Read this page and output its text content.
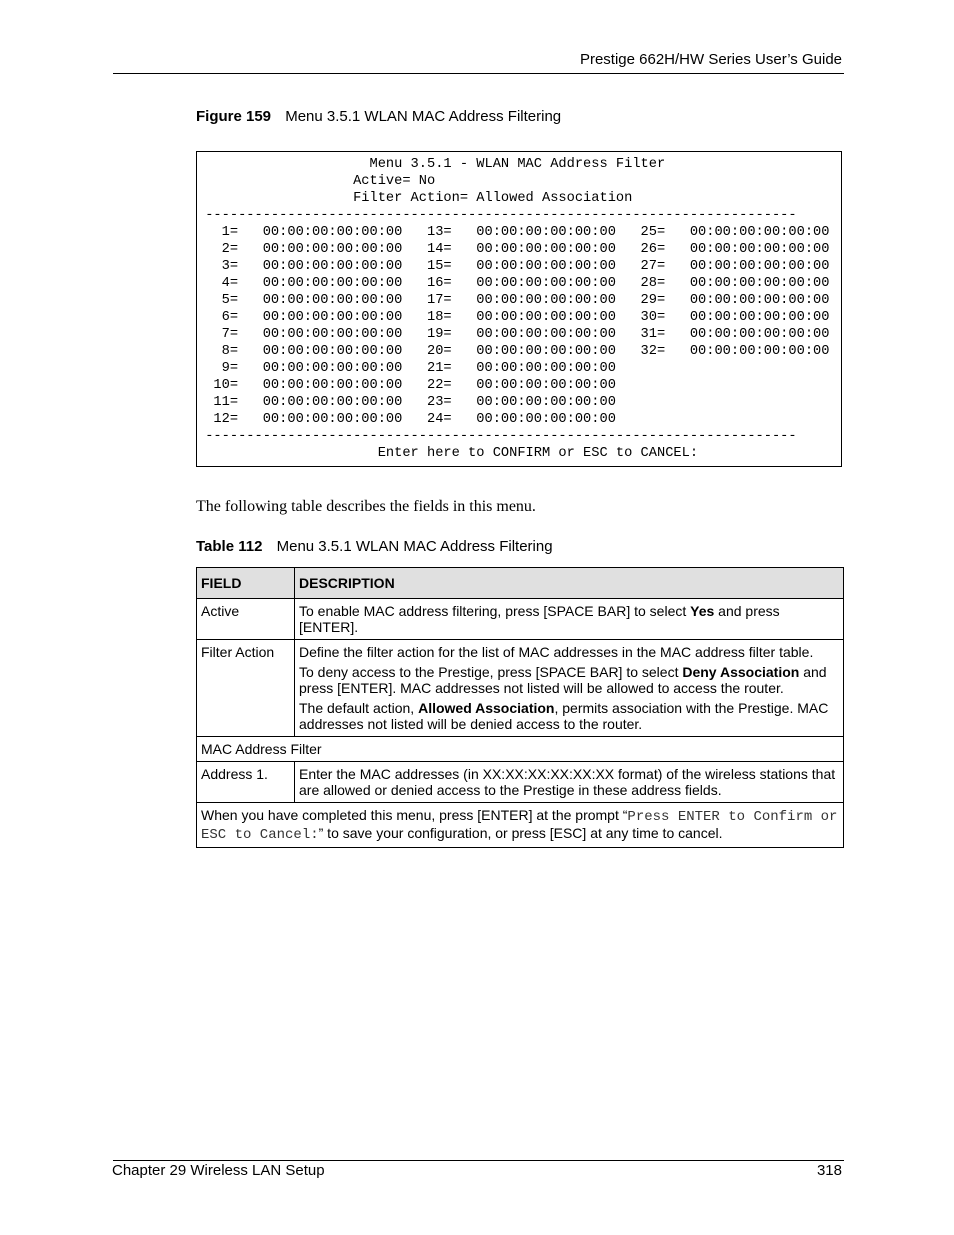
Prestige 662H/HW Series User’s Guide
Figure 159 Menu 3.5.1 WLAN MAC Address Filtering
Menu 3.5.1 - WLAN MAC Address Filter
Active= No
Filter Action= Allowed Association
------------------------------------------------------------------------
1=   00:00:00:00:00:00   13=   00:00:00:00:00:00   25=   00:00:00:00:00:00
2=   00:00:00:00:00:00   14=   00:00:00:00:00:00   26=   00:00:00:00:00:00
3=   00:00:00:00:00:00   15=   00:00:00:00:00:00   27=   00:00:00:00:00:00
4=   00:00:00:00:00:00   16=   00:00:00:00:00:00   28=   00:00:00:00:00:00
5=   00:00:00:00:00:00   17=   00:00:00:00:00:00   29=   00:00:00:00:00:00
6=   00:00:00:00:00:00   18=   00:00:00:00:00:00   30=   00:00:00:00:00:00
7=   00:00:00:00:00:00   19=   00:00:00:00:00:00   31=   00:00:00:00:00:00
8=   00:00:00:00:00:00   20=   00:00:00:00:00:00   32=   00:00:00:00:00:00
9=   00:00:00:00:00:00   21=   00:00:00:00:00:00
10=   00:00:00:00:00:00   22=   00:00:00:00:00:00
11=   00:00:00:00:00:00   23=   00:00:00:00:00:00
12=   00:00:00:00:00:00   24=   00:00:00:00:00:00
------------------------------------------------------------------------
Enter here to CONFIRM or ESC to CANCEL:
The following table describes the fields in this menu.
Table 112 Menu 3.5.1 WLAN MAC Address Filtering
FIELD	DESCRIPTION
Active	To enable MAC address filtering, press [SPACE BAR] to select Yes and press [ENTER].
Filter Action	Define the filter action for the list of MAC addresses in the MAC address filter table.

To deny access to the Prestige, press [SPACE BAR] to select Deny Association and press [ENTER]. MAC addresses not listed will be allowed to access the router.

The default action, Allowed Association, permits association with the Prestige. MAC addresses not listed will be denied access to the router.

MAC Address Filter	
Address 1.	Enter the MAC addresses (in XX:XX:XX:XX:XX:XX format) of the wireless stations that are allowed or denied access to the Prestige in these address fields.
When you have completed this menu, press [ENTER] at the prompt “Press ENTER to Confirm or ESC to Cancel:” to save your configuration, or press [ESC] at any time to cancel.	
Chapter 29 Wireless LAN Setup	318
